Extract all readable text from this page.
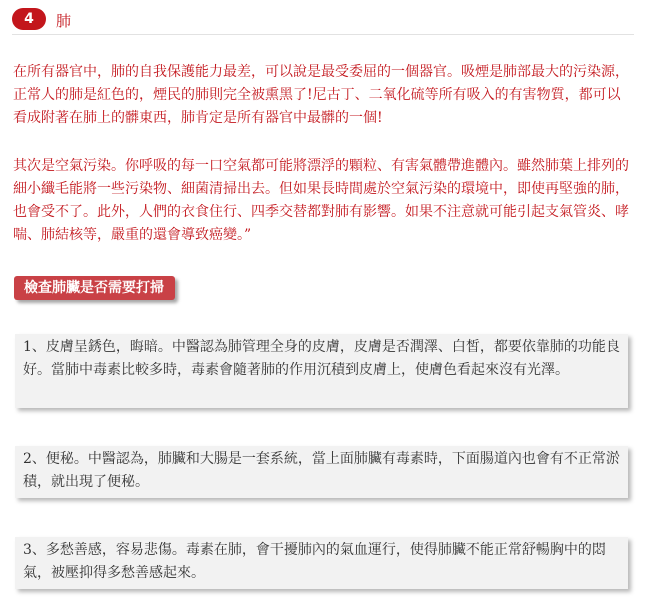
4	肺

在所有器官中，肺的自我保護能力最差，可以說是最受委屈的一個器官。吸煙是肺部最大的污染源，正常人的肺是紅色的，煙民的肺則完全被熏黑了!尼古丁、二氧化硫等所有吸入的有害物質，都可以看成附著在肺上的髒東西，肺肯定是所有器官中最髒的一個!

其次是空氣污染。你呼吸的每一口空氣都可能將漂浮的顆粒、有害氣體帶進體內。雖然肺葉上排列的細小纖毛能將一些污染物、細菌清掃出去。但如果長時間處於空氣污染的環境中，即使再堅強的肺，也會受不了。此外，人們的衣食住行、四季交替都對肺有影響。如果不注意就可能引起支氣管炎、哮喘、肺結核等，嚴重的還會導致癌變。”

檢查肺臟是否需要打掃
1、皮膚呈銹色，晦暗。中醫認為肺管理全身的皮膚，皮膚是否潤澤、白皙，都要依靠肺的功能良好。當肺中毒素比較多時，毒素會隨著肺的作用沉積到皮膚上，使膚色看起來沒有光澤。
2、便秘。中醫認為，肺臟和大腸是一套系統，當上面肺臟有毒素時，下面腸道內也會有不正常淤積，就出現了便秘。
3、多愁善感，容易悲傷。毒素在肺，會干擾肺內的氣血運行，使得肺臟不能正常舒暢胸中的悶氣，被壓抑得多愁善感起來。
